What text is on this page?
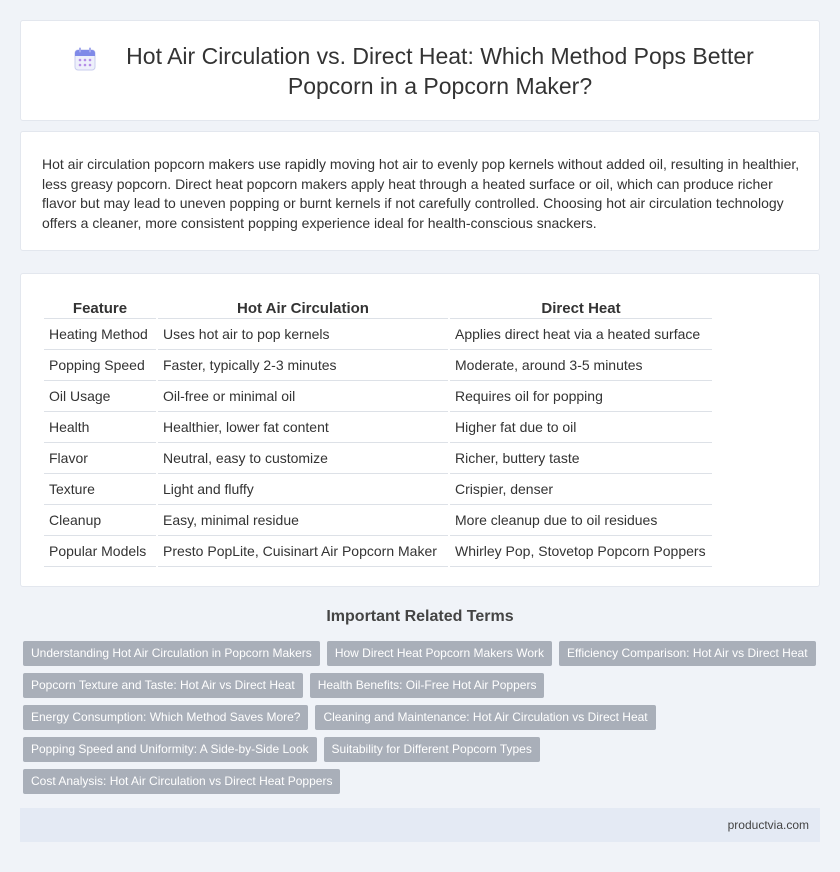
Hot Air Circulation vs. Direct Heat: Which Method Pops Better Popcorn in a Popcorn Maker?

Hot air circulation popcorn makers use rapidly moving hot air to evenly pop kernels without added oil, resulting in healthier, less greasy popcorn. Direct heat popcorn makers apply heat through a heated surface or oil, which can produce richer flavor but may lead to uneven popping or burnt kernels if not carefully controlled. Choosing hot air circulation technology offers a cleaner, more consistent popping experience ideal for health-conscious snackers.

Feature	Hot Air Circulation	Direct Heat
Heating Method	Uses hot air to pop kernels	Applies direct heat via a heated surface
Popping Speed	Faster, typically 2-3 minutes	Moderate, around 3-5 minutes
Oil Usage	Oil-free or minimal oil	Requires oil for popping
Health	Healthier, lower fat content	Higher fat due to oil
Flavor	Neutral, easy to customize	Richer, buttery taste
Texture	Light and fluffy	Crispier, denser
Cleanup	Easy, minimal residue	More cleanup due to oil residues
Popular Models	Presto PopLite, Cuisinart Air Popcorn Maker	Whirley Pop, Stovetop Popcorn Poppers
Important Related Terms
Understanding Hot Air Circulation in Popcorn Makers	How Direct Heat Popcorn Makers Work	Efficiency Comparison: Hot Air vs Direct Heat
Popcorn Texture and Taste: Hot Air vs Direct Heat	Health Benefits: Oil-Free Hot Air Poppers
Energy Consumption: Which Method Saves More?	Cleaning and Maintenance: Hot Air Circulation vs Direct Heat
Popping Speed and Uniformity: A Side-by-Side Look	Suitability for Different Popcorn Types
Cost Analysis: Hot Air Circulation vs Direct Heat Poppers
productvia.com
